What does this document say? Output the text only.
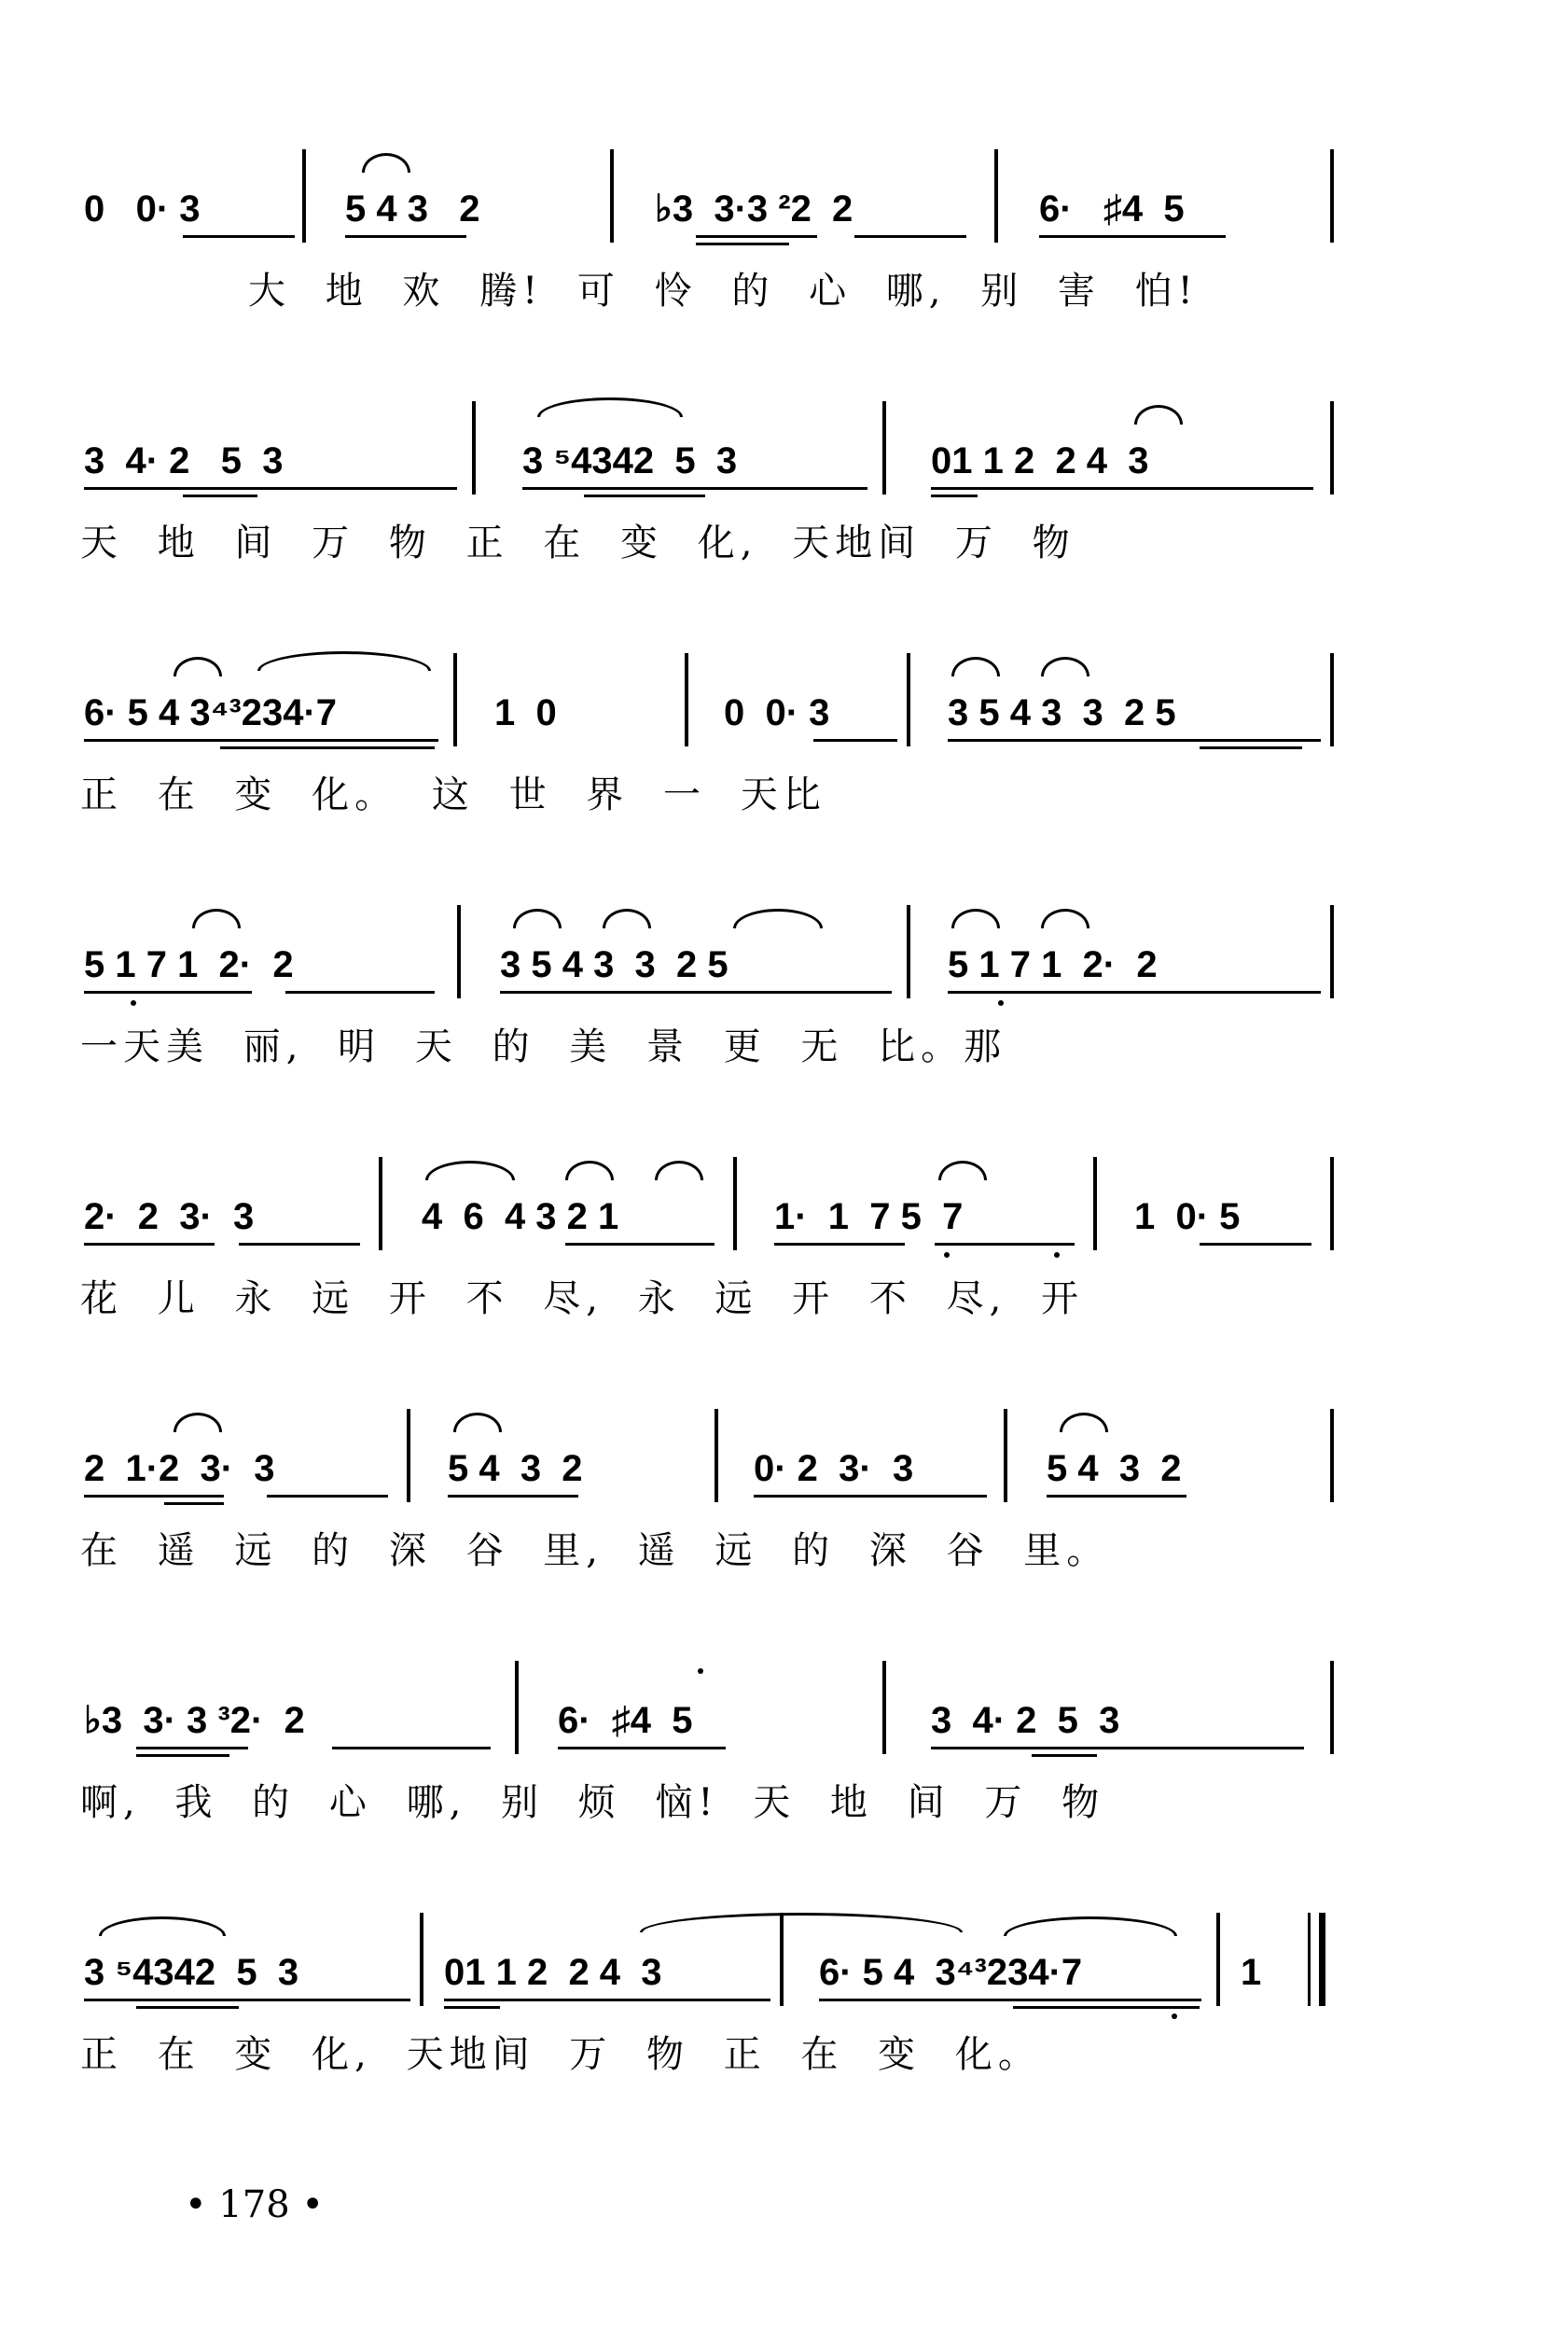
0   0· 3	5 4 3   2	♭3  3·3 ²2  2	6·   ♯4  5
大 地 欢 腾! 可 怜 的 心 哪, 别 害 怕!
3  4· 2   5  3	3 ⁵4342  5  3	01 1 2  2 4  3
天 地 间 万 物 正 在 变 化, 天地间 万 物
6· 5 4 3⁴³234·7	1  0	0  0· 3	3 5 4 3  3  2 5
正 在 变 化。 这 世 界 一 天比
5 1 7 1  2·  2	3 5 4 3  3  2 5	5 1 7 1  2·  2
一天美 丽, 明 天 的 美 景 更 无 比。那
2·  2  3·  3	4  6  4 3 2 1	1·  1  7 5  7	1  0· 5
花 儿 永 远 开 不 尽, 永 远 开 不 尽, 开
2  1·2  3·  3	5 4  3  2	0· 2  3·  3	5 4  3  2
在 遥 远 的 深 谷 里, 遥 远 的 深 谷 里。
♭3  3· 3 ³2·  2	6·  ♯4  5	3  4· 2  5  3
啊, 我 的 心 哪, 别 烦 恼! 天 地 间 万 物
3 ⁵4342  5  3	01 1 2  2 4  3	6· 5 4  3⁴³234·7	1
正 在 变 化, 天地间 万 物 正 在 变 化。
• 178 •
